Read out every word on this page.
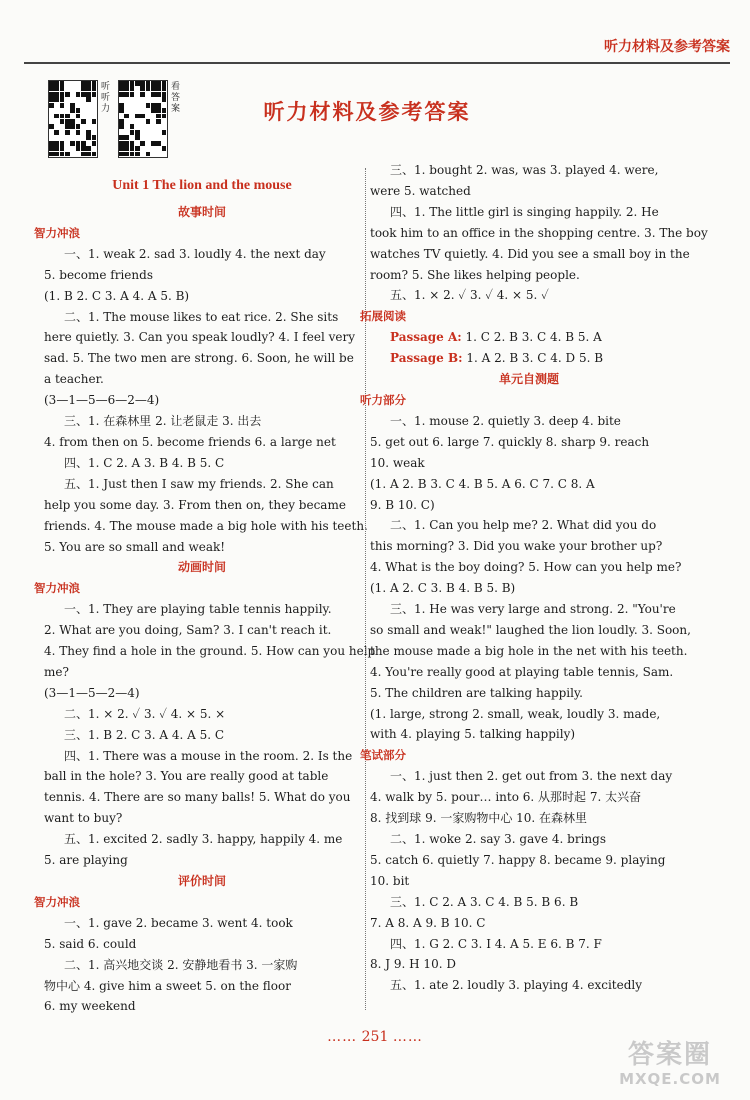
听力材料及参考答案
听听力
看答案	听力材料及参考答案
Unit 1 The lion and the mouse
故事时间
智力冲浪
一、1. weak 2. sad 3. loudly 4. the next day
5. become friends
(1. B 2. C 3. A 4. A 5. B)
二、1. The mouse likes to eat rice. 2. She sits
here quietly. 3. Can you speak loudly? 4. I feel very
sad. 5. The two men are strong. 6. Soon, he will be
a teacher.
(3—1—5—6—2—4)
三、1. 在森林里 2. 让老鼠走 3. 出去
4. from then on 5. become friends 6. a large net
四、1. C 2. A 3. B 4. B 5. C
五、1. Just then I saw my friends. 2. She can
help you some day. 3. From then on, they became
friends. 4. The mouse made a big hole with his teeth.
5. You are so small and weak!
动画时间
智力冲浪
一、1. They are playing table tennis happily.
2. What are you doing, Sam? 3. I can't reach it.
4. They find a hole in the ground. 5. How can you help
me?
(3—1—5—2—4)
二、1. × 2. ✓ 3. ✓ 4. × 5. ×
三、1. B 2. C 3. A 4. A 5. C
四、1. There was a mouse in the room. 2. Is the
ball in the hole? 3. You are really good at table
tennis. 4. There are so many balls! 5. What do you
want to buy?
五、1. excited 2. sadly 3. happy, happily 4. me
5. are playing
评价时间
智力冲浪
一、1. gave 2. became 3. went 4. took
5. said 6. could
二、1. 高兴地交谈 2. 安静地看书 3. 一家购
物中心 4. give him a sweet 5. on the floor
6. my weekend
三、1. bought 2. was, was 3. played 4. were,
were 5. watched
四、1. The little girl is singing happily. 2. He
took him to an office in the shopping centre. 3. The boy
watches TV quietly. 4. Did you see a small boy in the
room? 5. She likes helping people.
五、1. × 2. ✓ 3. ✓ 4. × 5. ✓
拓展阅读
Passage A: 1. C 2. B 3. C 4. B 5. A
Passage B: 1. A 2. B 3. C 4. D 5. B
单元自测题
听力部分
一、1. mouse 2. quietly 3. deep 4. bite
5. get out 6. large 7. quickly 8. sharp 9. reach
10. weak
(1. A 2. B 3. C 4. B 5. A 6. C 7. C 8. A
9. B 10. C)
二、1. Can you help me? 2. What did you do
this morning? 3. Did you wake your brother up?
4. What is the boy doing? 5. How can you help me?
(1. A 2. C 3. B 4. B 5. B)
三、1. He was very large and strong. 2. "You're
so small and weak!" laughed the lion loudly. 3. Soon,
the mouse made a big hole in the net with his teeth.
4. You're really good at playing table tennis, Sam.
5. The children are talking happily.
(1. large, strong 2. small, weak, loudly 3. made,
with 4. playing 5. talking happily)
笔试部分
一、1. just then 2. get out from 3. the next day
4. walk by 5. pour… into 6. 从那时起 7. 太兴奋
8. 找到球 9. 一家购物中心 10. 在森林里
二、1. woke 2. say 3. gave 4. brings
5. catch 6. quietly 7. happy 8. became 9. playing
10. bit
三、1. C 2. A 3. C 4. B 5. B 6. B
7. A 8. A 9. B 10. C
四、1. G 2. C 3. I 4. A 5. E 6. B 7. F
8. J 9. H 10. D
五、1. ate 2. loudly 3. playing 4. excitedly
…… 251 ……
答案圈
MXQE.COM
